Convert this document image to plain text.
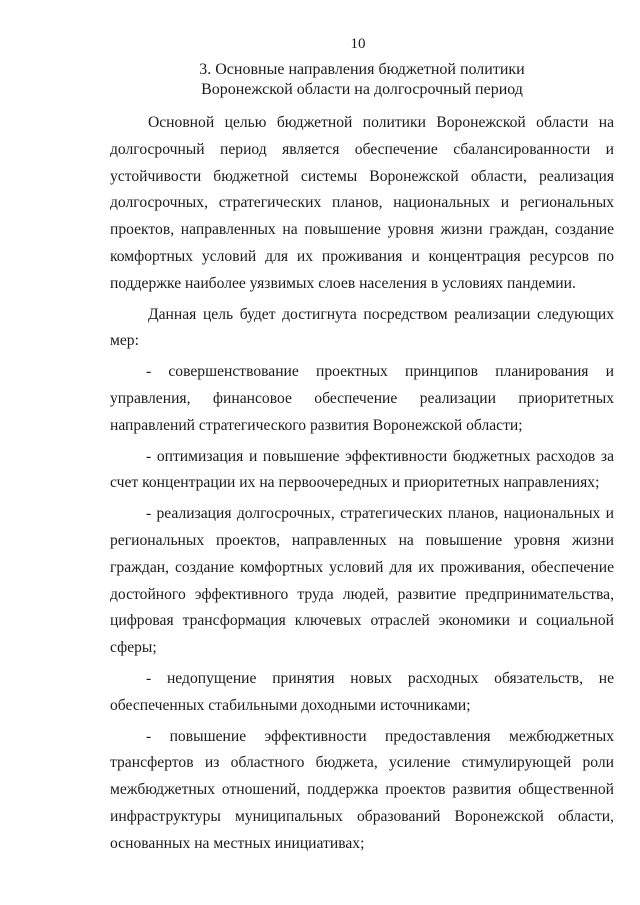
10
3. Основные направления бюджетной политики
Воронежской области на долгосрочный период

Основной целью бюджетной политики Воронежской области на долгосрочный период является обеспечение сбалансированности и устойчивости бюджетной системы Воронежской области, реализация долгосрочных, стратегических планов, национальных и региональных проектов, направленных на повышение уровня жизни граждан, создание комфортных условий для их проживания и концентрация ресурсов по поддержке наиболее уязвимых слоев населения в условиях пандемии.

Данная цель будет достигнута посредством реализации следующих мер:

- совершенствование проектных принципов планирования и управления, финансовое обеспечение реализации приоритетных направлений стратегического развития Воронежской области;

- оптимизация и повышение эффективности бюджетных расходов за счет концентрации их на первоочередных и приоритетных направлениях;

- реализация долгосрочных, стратегических планов, национальных и региональных проектов, направленных на повышение уровня жизни граждан, создание комфортных условий для их проживания, обеспечение достойного эффективного труда людей, развитие предпринимательства, цифровая трансформация ключевых отраслей экономики и социальной сферы;

- недопущение принятия новых расходных обязательств, не обеспеченных стабильными доходными источниками;

- повышение эффективности предоставления межбюджетных трансфертов из областного бюджета, усиление стимулирующей роли межбюджетных отношений, поддержка проектов развития общественной инфраструктуры муниципальных образований Воронежской области, основанных на местных инициативах;
